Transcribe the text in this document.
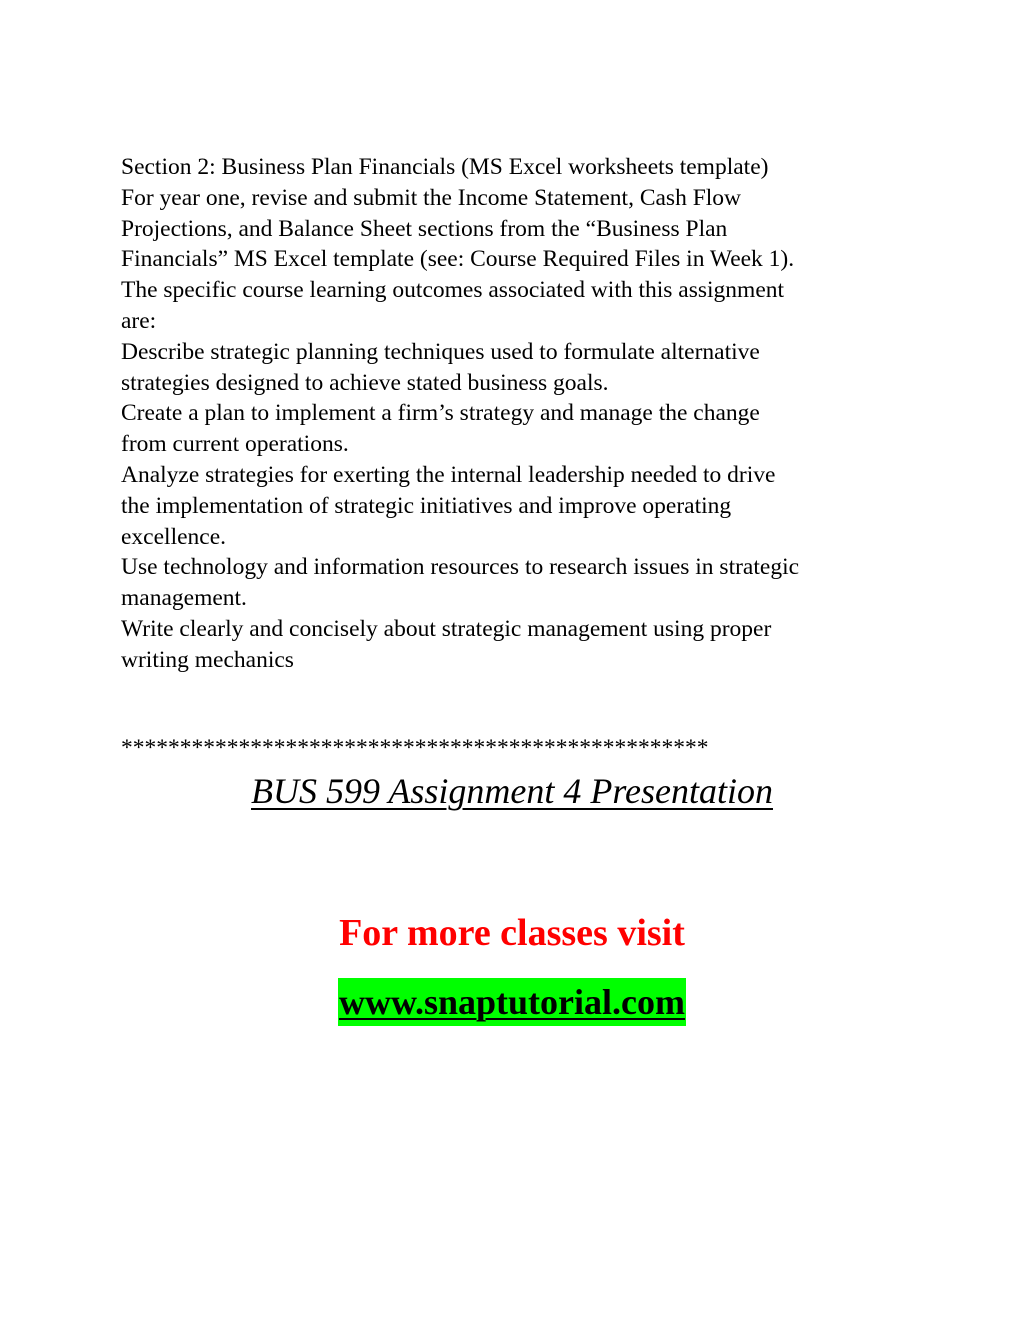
Section 2: Business Plan Financials (MS Excel worksheets template)

For year one, revise and submit the Income Statement, Cash Flow

Projections, and Balance Sheet sections from the “Business Plan

Financials” MS Excel template (see: Course Required Files in Week 1).

The specific course learning outcomes associated with this assignment

are:

Describe strategic planning techniques used to formulate alternative

strategies designed to achieve stated business goals.

Create a plan to implement a firm’s strategy and manage the change

from current operations.

Analyze strategies for exerting the internal leadership needed to drive

the implementation of strategic initiatives and improve operating

excellence.

Use technology and information resources to research issues in strategic

management.

Write clearly and concisely about strategic management using proper

writing mechanics

**************************************************
BUS 599 Assignment 4 Presentation
For more classes visit
www.snaptutorial.com
